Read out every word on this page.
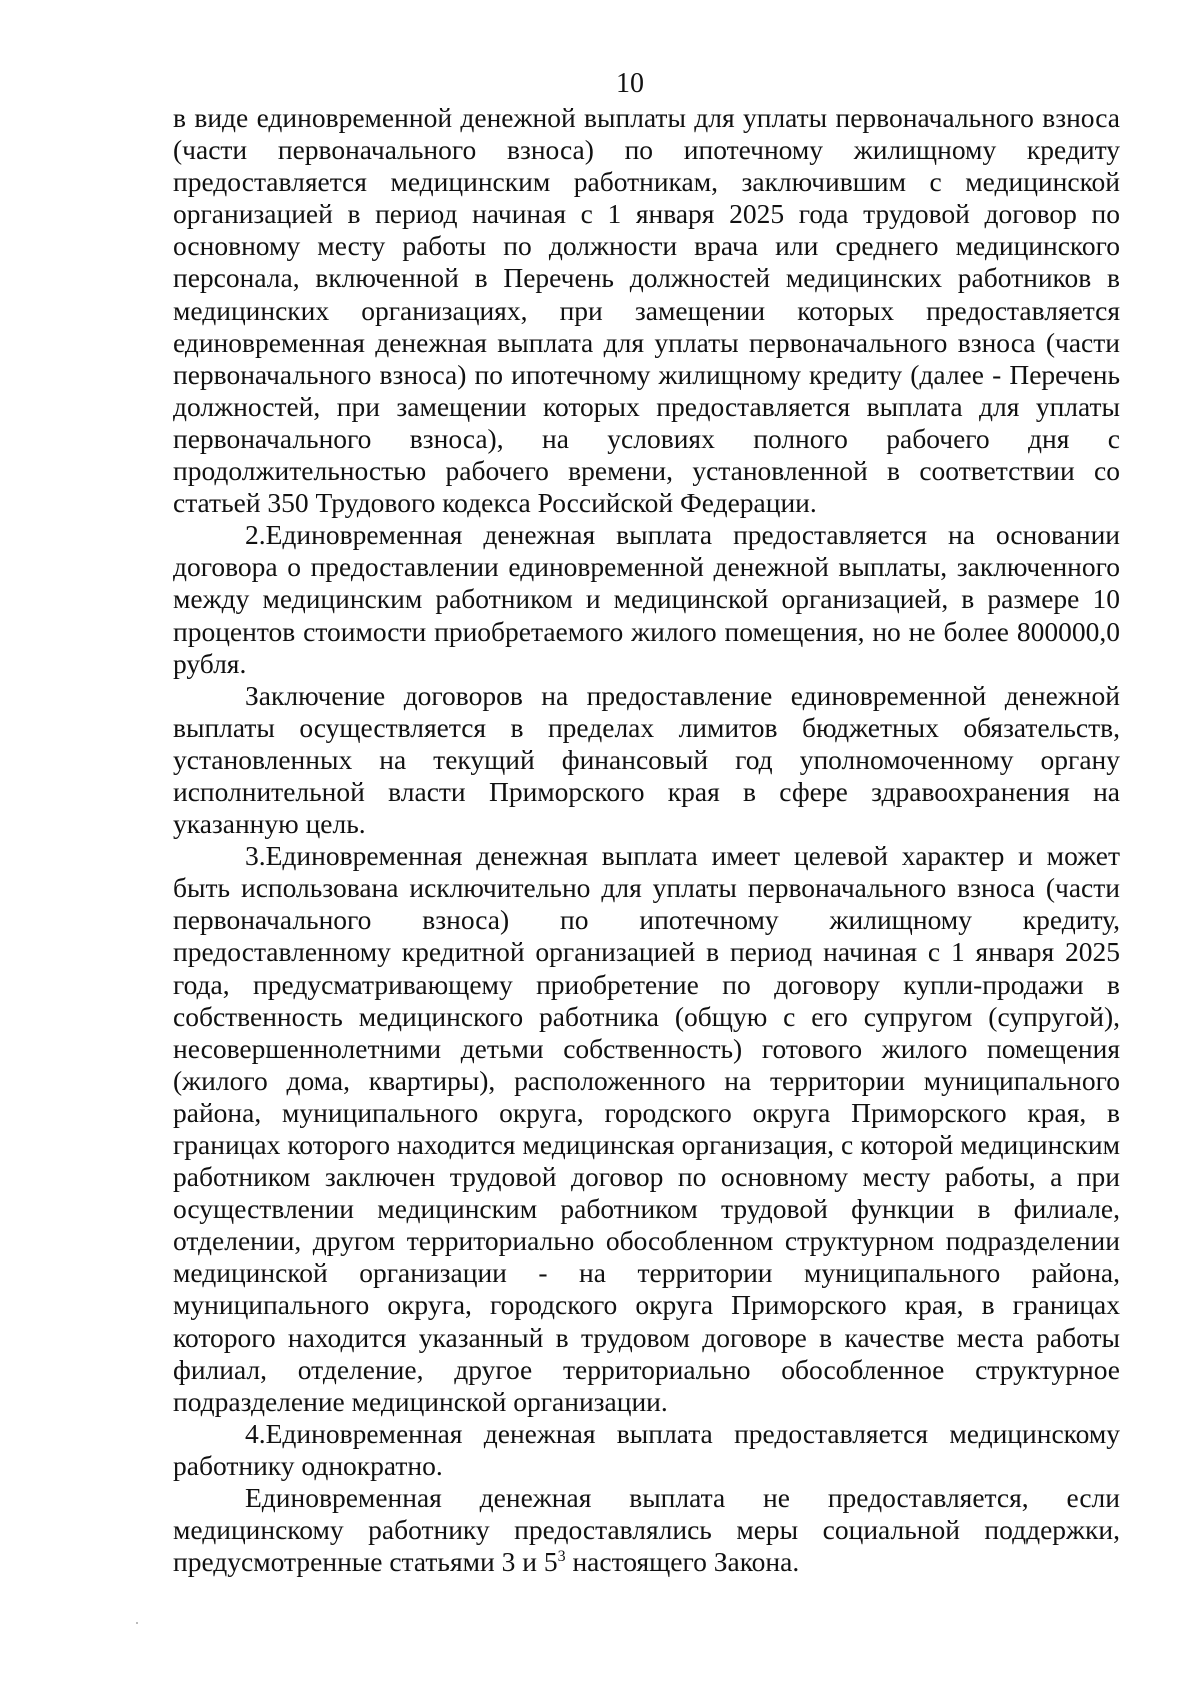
10

в виде единовременной денежной выплаты для уплаты первоначального взноса (части первоначального взноса) по ипотечному жилищному кредиту предоставляется медицинским работникам, заключившим с медицинской организацией в период начиная с 1 января 2025 года трудовой договор по основному месту работы по должности врача или среднего медицинского персонала, включенной в Перечень должностей медицинских работников в медицинских организациях, при замещении которых предоставляется единовременная денежная выплата для уплаты первоначального взноса (части первоначального взноса) по ипотечному жилищному кредиту (далее - Перечень должностей, при замещении которых предоставляется выплата для уплаты первоначального взноса), на условиях полного рабочего дня с продолжительностью рабочего времени, установленной в соответствии со статьей 350 Трудового кодекса Российской Федерации.

2.Единовременная денежная выплата предоставляется на основании договора о предоставлении единовременной денежной выплаты, заключенного между медицинским работником и медицинской организацией, в размере 10 процентов стоимости приобретаемого жилого помещения, но не более 800000,0 рубля.

Заключение договоров на предоставление единовременной денежной выплаты осуществляется в пределах лимитов бюджетных обязательств, установленных на текущий финансовый год уполномоченному органу исполнительной власти Приморского края в сфере здравоохранения на указанную цель.

3.Единовременная денежная выплата имеет целевой характер и может быть использована исключительно для уплаты первоначального взноса (части первоначального взноса) по ипотечному жилищному кредиту, предоставленному кредитной организацией в период начиная с 1 января 2025 года, предусматривающему приобретение по договору купли-продажи в собственность медицинского работника (общую с его супругом (супругой), несовершеннолетними детьми собственность) готового жилого помещения (жилого дома, квартиры), расположенного на территории муниципального района, муниципального округа, городского округа Приморского края, в границах которого находится медицинская организация, с которой медицинским работником заключен трудовой договор по основному месту работы, а при осуществлении медицинским работником трудовой функции в филиале, отделении, другом территориально обособленном структурном подразделении медицинской организации - на территории муниципального района, муниципального округа, городского округа Приморского края, в границах которого находится указанный в трудовом договоре в качестве места работы филиал, отделение, другое территориально обособленное структурное подразделение медицинской организации.

4.Единовременная денежная выплата предоставляется медицинскому работнику однократно.

Единовременная денежная выплата не предоставляется, если медицинскому работнику предоставлялись меры социальной поддержки, предусмотренные статьями 3 и $5^3$ настоящего Закона.
